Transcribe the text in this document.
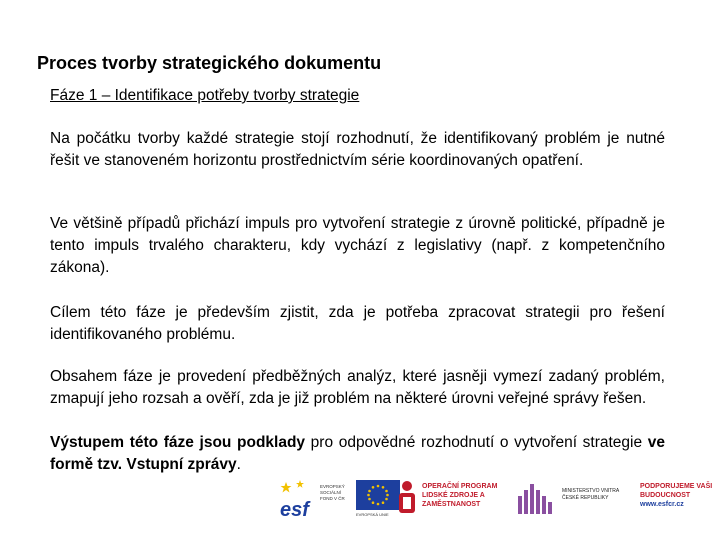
Proces tvorby strategického dokumentu
Fáze 1 – Identifikace potřeby tvorby strategie
Na počátku tvorby každé strategie stojí rozhodnutí, že identifikovaný problém je nutné řešit ve stanoveném horizontu prostřednictvím série koordinovaných opatření.
Ve většině případů přichází impuls pro vytvoření strategie z úrovně politické, případně je tento impuls trvalého charakteru, kdy vychází z legislativy (např. z kompetenčního zákona).
Cílem této fáze je především zjistit, zda je potřeba zpracovat strategii pro řešení identifikovaného problému.
Obsahem fáze je provedení předběžných analýz, které jasněji vymezí zadaný problém, zmapují jeho rozsah a ověří, zda je již problém na některé úrovni veřejné správy řešen.
Výstupem této fáze jsou podklady pro odpovědné rozhodnutí o vytvoření strategie ve formě tzv. Vstupní zprávy.
esf
EVROPSKÝ SOCIÁLNÍ FOND V ČR
EVROPSKÁ UNIE
OPERAČNÍ PROGRAM LIDSKÉ ZDROJE A ZAMĚSTNANOST
MINISTERSTVO VNITRA ČESKÉ REPUBLIKY
PODPORUJEME VAŠI BUDOUCNOST
www.esfcr.cz
